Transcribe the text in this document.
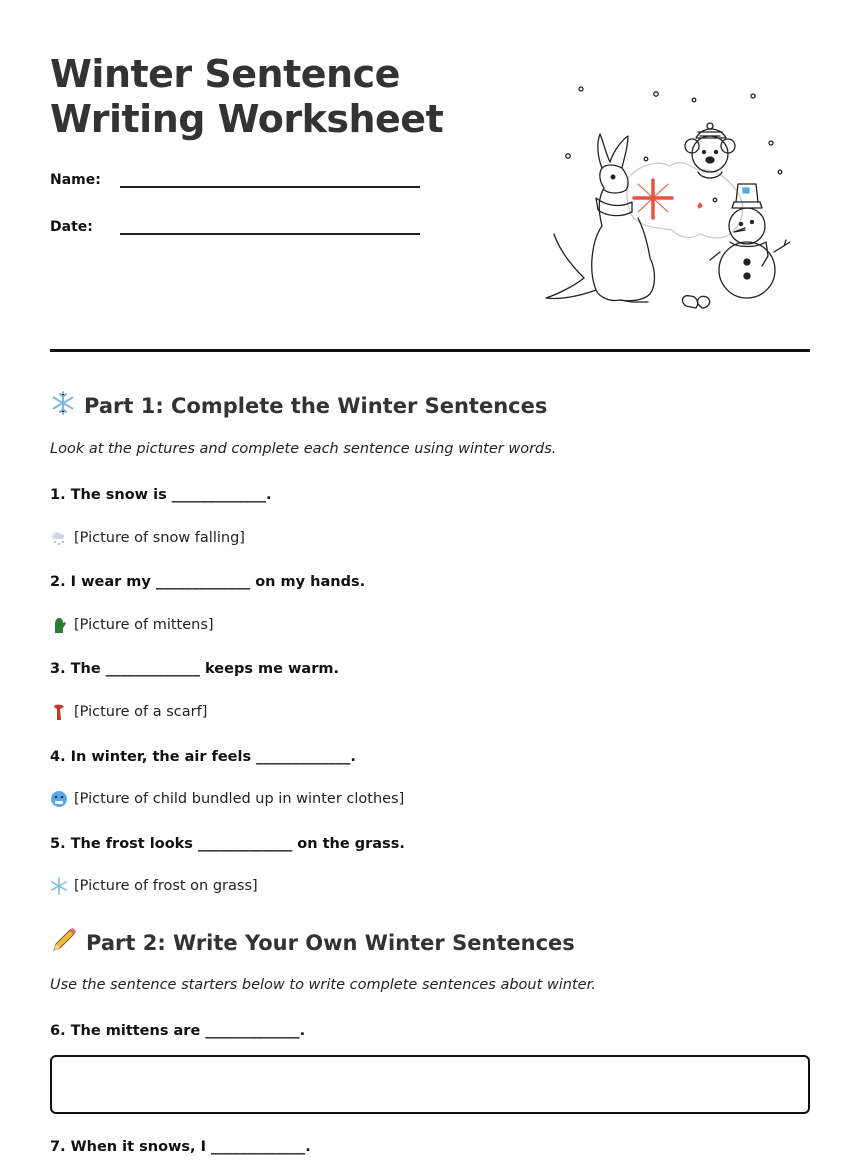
Winter Sentence
Writing Worksheet
Name:
Date:
Part 1: Complete the Winter Sentences
Look at the pictures and complete each sentence using winter words.
1. The snow is _____________.
[Picture of snow falling]
2. I wear my _____________ on my hands.
[Picture of mittens]
3. The _____________ keeps me warm.
[Picture of a scarf]
4. In winter, the air feels _____________.
[Picture of child bundled up in winter clothes]
5. The frost looks _____________ on the grass.
[Picture of frost on grass]
Part 2: Write Your Own Winter Sentences
Use the sentence starters below to write complete sentences about winter.
6. The mittens are _____________.
7. When it snows, I _____________.
